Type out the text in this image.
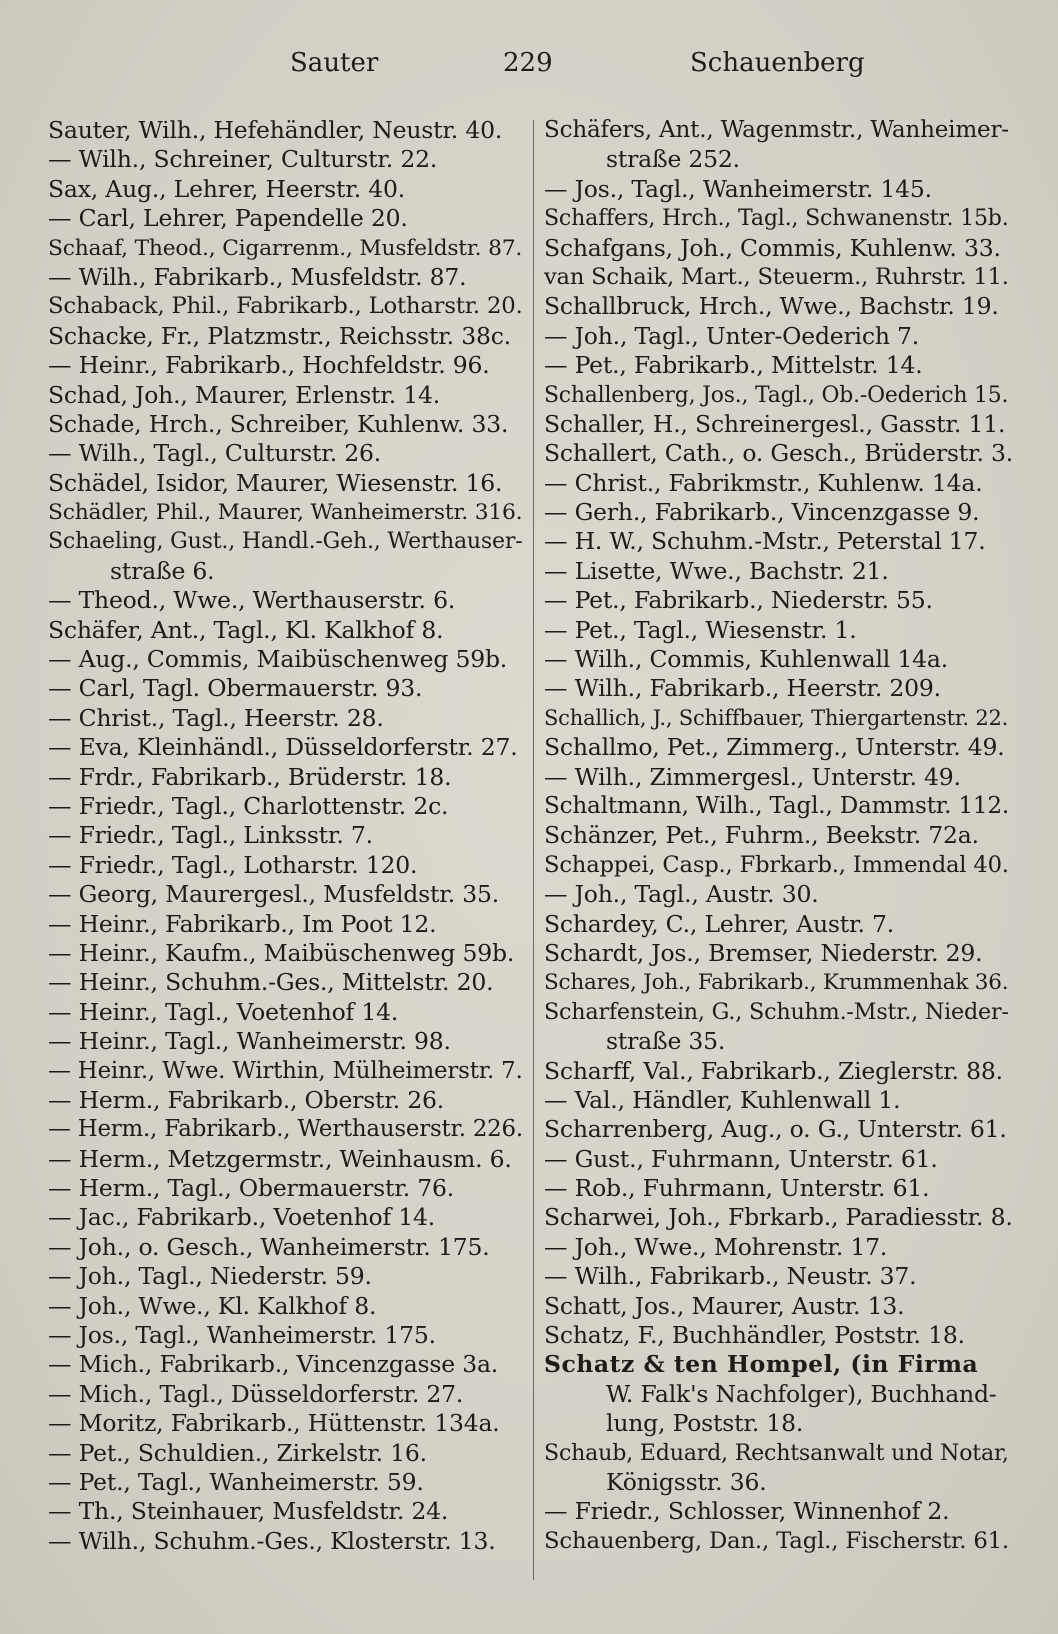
Sauter	229	Schauenberg
Sauter, Wilh., Hefehändler, Neustr. 40.
— Wilh., Schreiner, Culturstr. 22.
Sax, Aug., Lehrer, Heerstr. 40.
— Carl, Lehrer, Papendelle 20.
Schaaf, Theod., Cigarrenm., Musfeldstr. 87.
— Wilh., Fabrikarb., Musfeldstr. 87.
Schaback, Phil., Fabrikarb., Lotharstr. 20.
Schacke, Fr., Platzmstr., Reichsstr. 38c.
— Heinr., Fabrikarb., Hochfeldstr. 96.
Schad, Joh., Maurer, Erlenstr. 14.
Schade, Hrch., Schreiber, Kuhlenw. 33.
— Wilh., Tagl., Culturstr. 26.
Schädel, Isidor, Maurer, Wiesenstr. 16.
Schädler, Phil., Maurer, Wanheimerstr. 316.
Schaeling, Gust., Handl.-Geh., Werthauser-
straße 6.
— Theod., Wwe., Werthauserstr. 6.
Schäfer, Ant., Tagl., Kl. Kalkhof 8.
— Aug., Commis, Maibüschenweg 59b.
— Carl, Tagl. Obermauerstr. 93.
— Christ., Tagl., Heerstr. 28.
— Eva, Kleinhändl., Düsseldorferstr. 27.
— Frdr., Fabrikarb., Brüderstr. 18.
— Friedr., Tagl., Charlottenstr. 2c.
— Friedr., Tagl., Linksstr. 7.
— Friedr., Tagl., Lotharstr. 120.
— Georg, Maurergesl., Musfeldstr. 35.
— Heinr., Fabrikarb., Im Poot 12.
— Heinr., Kaufm., Maibüschenweg 59b.
— Heinr., Schuhm.-Ges., Mittelstr. 20.
— Heinr., Tagl., Voetenhof 14.
— Heinr., Tagl., Wanheimerstr. 98.
— Heinr., Wwe. Wirthin, Mülheimerstr. 7.
— Herm., Fabrikarb., Oberstr. 26.
— Herm., Fabrikarb., Werthauserstr. 226.
— Herm., Metzgermstr., Weinhausm. 6.
— Herm., Tagl., Obermauerstr. 76.
— Jac., Fabrikarb., Voetenhof 14.
— Joh., o. Gesch., Wanheimerstr. 175.
— Joh., Tagl., Niederstr. 59.
— Joh., Wwe., Kl. Kalkhof 8.
— Jos., Tagl., Wanheimerstr. 175.
— Mich., Fabrikarb., Vincenzgasse 3a.
— Mich., Tagl., Düsseldorferstr. 27.
— Moritz, Fabrikarb., Hüttenstr. 134a.
— Pet., Schuldien., Zirkelstr. 16.
— Pet., Tagl., Wanheimerstr. 59.
— Th., Steinhauer, Musfeldstr. 24.
— Wilh., Schuhm.-Ges., Klosterstr. 13.
Schäfers, Ant., Wagenmstr., Wanheimer-
straße 252.
— Jos., Tagl., Wanheimerstr. 145.
Schaffers, Hrch., Tagl., Schwanenstr. 15b.
Schafgans, Joh., Commis, Kuhlenw. 33.
van Schaik, Mart., Steuerm., Ruhrstr. 11.
Schallbruck, Hrch., Wwe., Bachstr. 19.
— Joh., Tagl., Unter-Oederich 7.
— Pet., Fabrikarb., Mittelstr. 14.
Schallenberg, Jos., Tagl., Ob.-Oederich 15.
Schaller, H., Schreinergesl., Gasstr. 11.
Schallert, Cath., o. Gesch., Brüderstr. 3.
— Christ., Fabrikmstr., Kuhlenw. 14a.
— Gerh., Fabrikarb., Vincenzgasse 9.
— H. W., Schuhm.-Mstr., Peterstal 17.
— Lisette, Wwe., Bachstr. 21.
— Pet., Fabrikarb., Niederstr. 55.
— Pet., Tagl., Wiesenstr. 1.
— Wilh., Commis, Kuhlenwall 14a.
— Wilh., Fabrikarb., Heerstr. 209.
Schallich, J., Schiffbauer, Thiergartenstr. 22.
Schallmo, Pet., Zimmerg., Unterstr. 49.
— Wilh., Zimmergesl., Unterstr. 49.
Schaltmann, Wilh., Tagl., Dammstr. 112.
Schänzer, Pet., Fuhrm., Beekstr. 72a.
Schappei, Casp., Fbrkarb., Immendal 40.
— Joh., Tagl., Austr. 30.
Schardey, C., Lehrer, Austr. 7.
Schardt, Jos., Bremser, Niederstr. 29.
Schares, Joh., Fabrikarb., Krummenhak 36.
Scharfenstein, G., Schuhm.-Mstr., Nieder-
straße 35.
Scharff, Val., Fabrikarb., Zieglerstr. 88.
— Val., Händler, Kuhlenwall 1.
Scharrenberg, Aug., o. G., Unterstr. 61.
— Gust., Fuhrmann, Unterstr. 61.
— Rob., Fuhrmann, Unterstr. 61.
Scharwei, Joh., Fbrkarb., Paradiesstr. 8.
— Joh., Wwe., Mohrenstr. 17.
— Wilh., Fabrikarb., Neustr. 37.
Schatt, Jos., Maurer, Austr. 13.
Schatz, F., Buchhändler, Poststr. 18.
Schatz & ten Hompel, (in Firma
W. Falk's Nachfolger), Buchhand-
lung, Poststr. 18.
Schaub, Eduard, Rechtsanwalt und Notar,
Königsstr. 36.
— Friedr., Schlosser, Winnenhof 2.
Schauenberg, Dan., Tagl., Fischerstr. 61.
